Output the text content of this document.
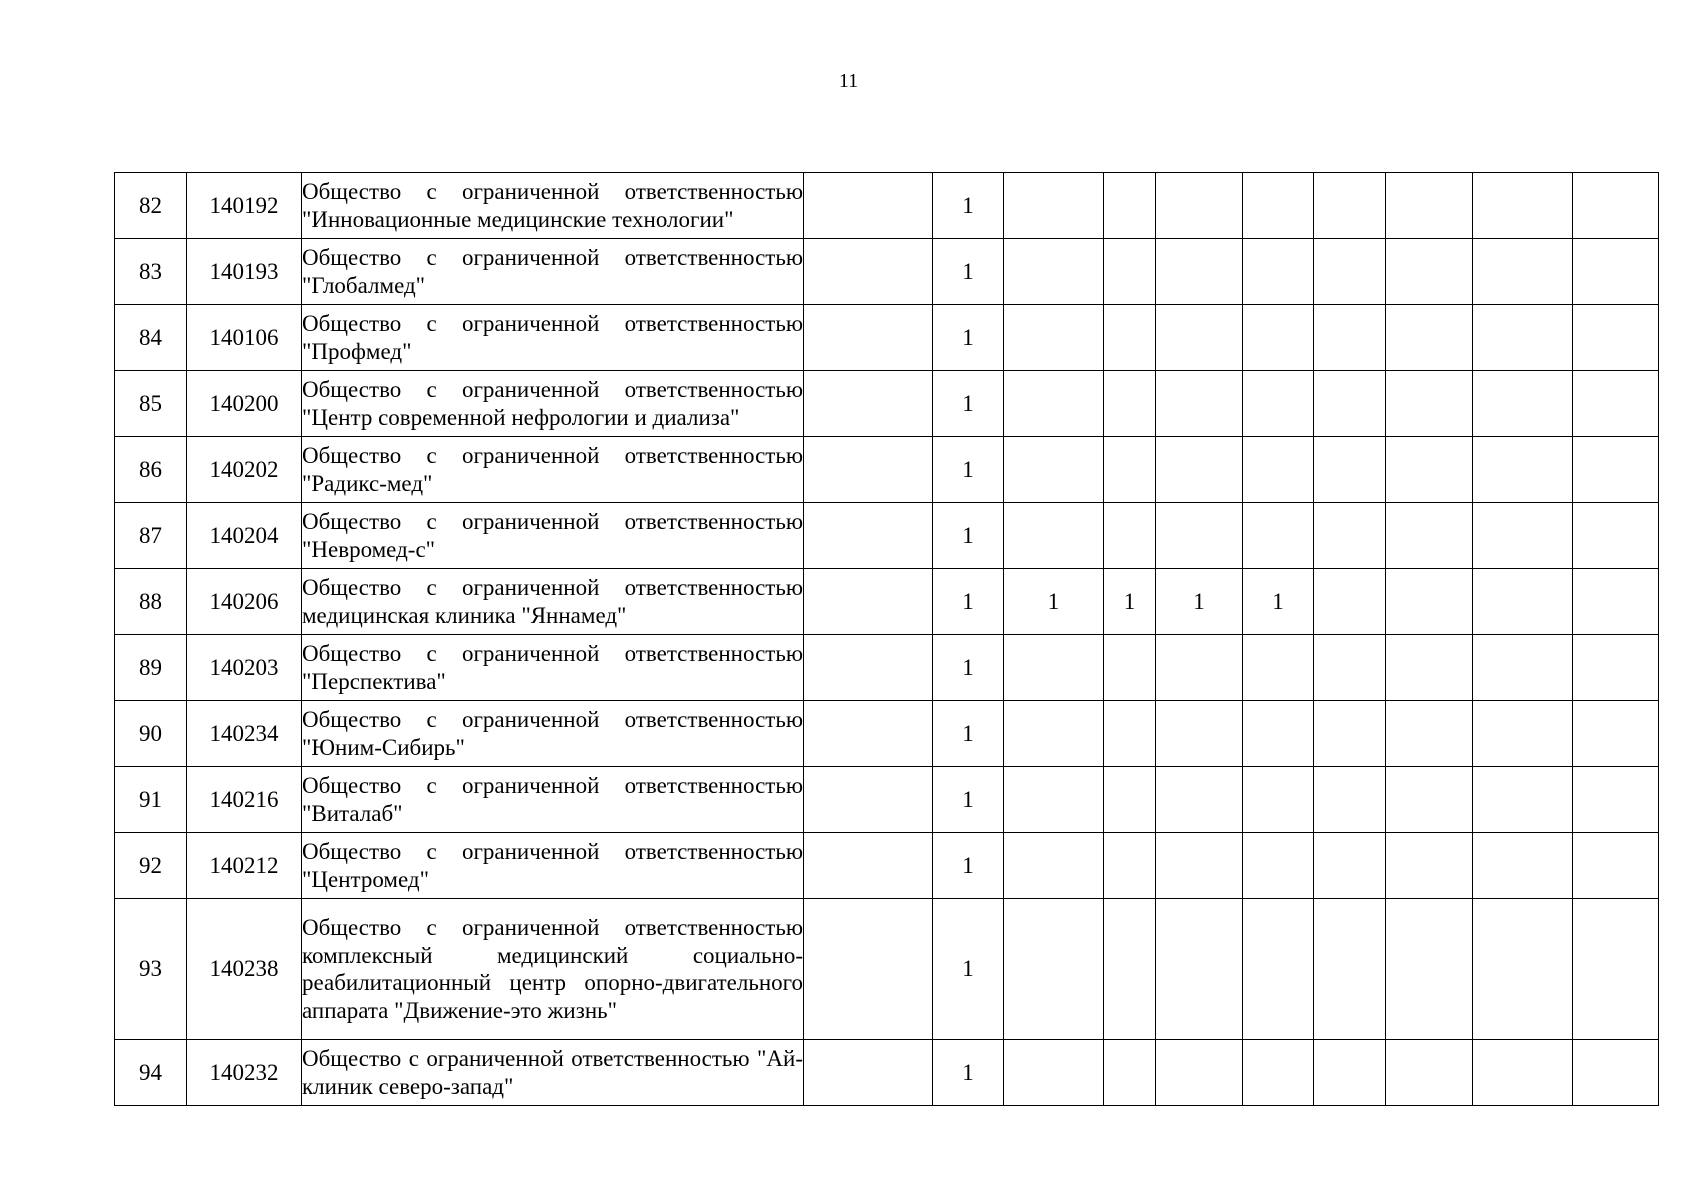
11
82	140192	Общество с ограниченной ответственностью "Инновационные медицинские технологии"		1								
83	140193	Общество с ограниченной ответственностью "Глобалмед"		1								
84	140106	Общество с ограниченной ответственностью "Профмед"		1								
85	140200	Общество с ограниченной ответственностью "Центр современной нефрологии и диализа"		1								
86	140202	Общество с ограниченной ответственностью "Радикс-мед"		1								
87	140204	Общество с ограниченной ответственностью "Невромед-с"		1								
88	140206	Общество с ограниченной ответственностью медицинская клиника "Яннамед"		1	1	1	1	1				
89	140203	Общество с ограниченной ответственностью "Перспектива"		1								
90	140234	Общество с ограниченной ответственностью "Юним-Сибирь"		1								
91	140216	Общество с ограниченной ответственностью "Виталаб"		1								
92	140212	Общество с ограниченной ответственностью "Центромед"		1								
93	140238	Общество с ограниченной ответственностью комплексный медицинский социально-реабилитационный центр опорно-двигательного аппарата "Движение-это жизнь"		1								
94	140232	Общество с ограниченной ответственностью "Ай-клиник северо-запад"		1								
